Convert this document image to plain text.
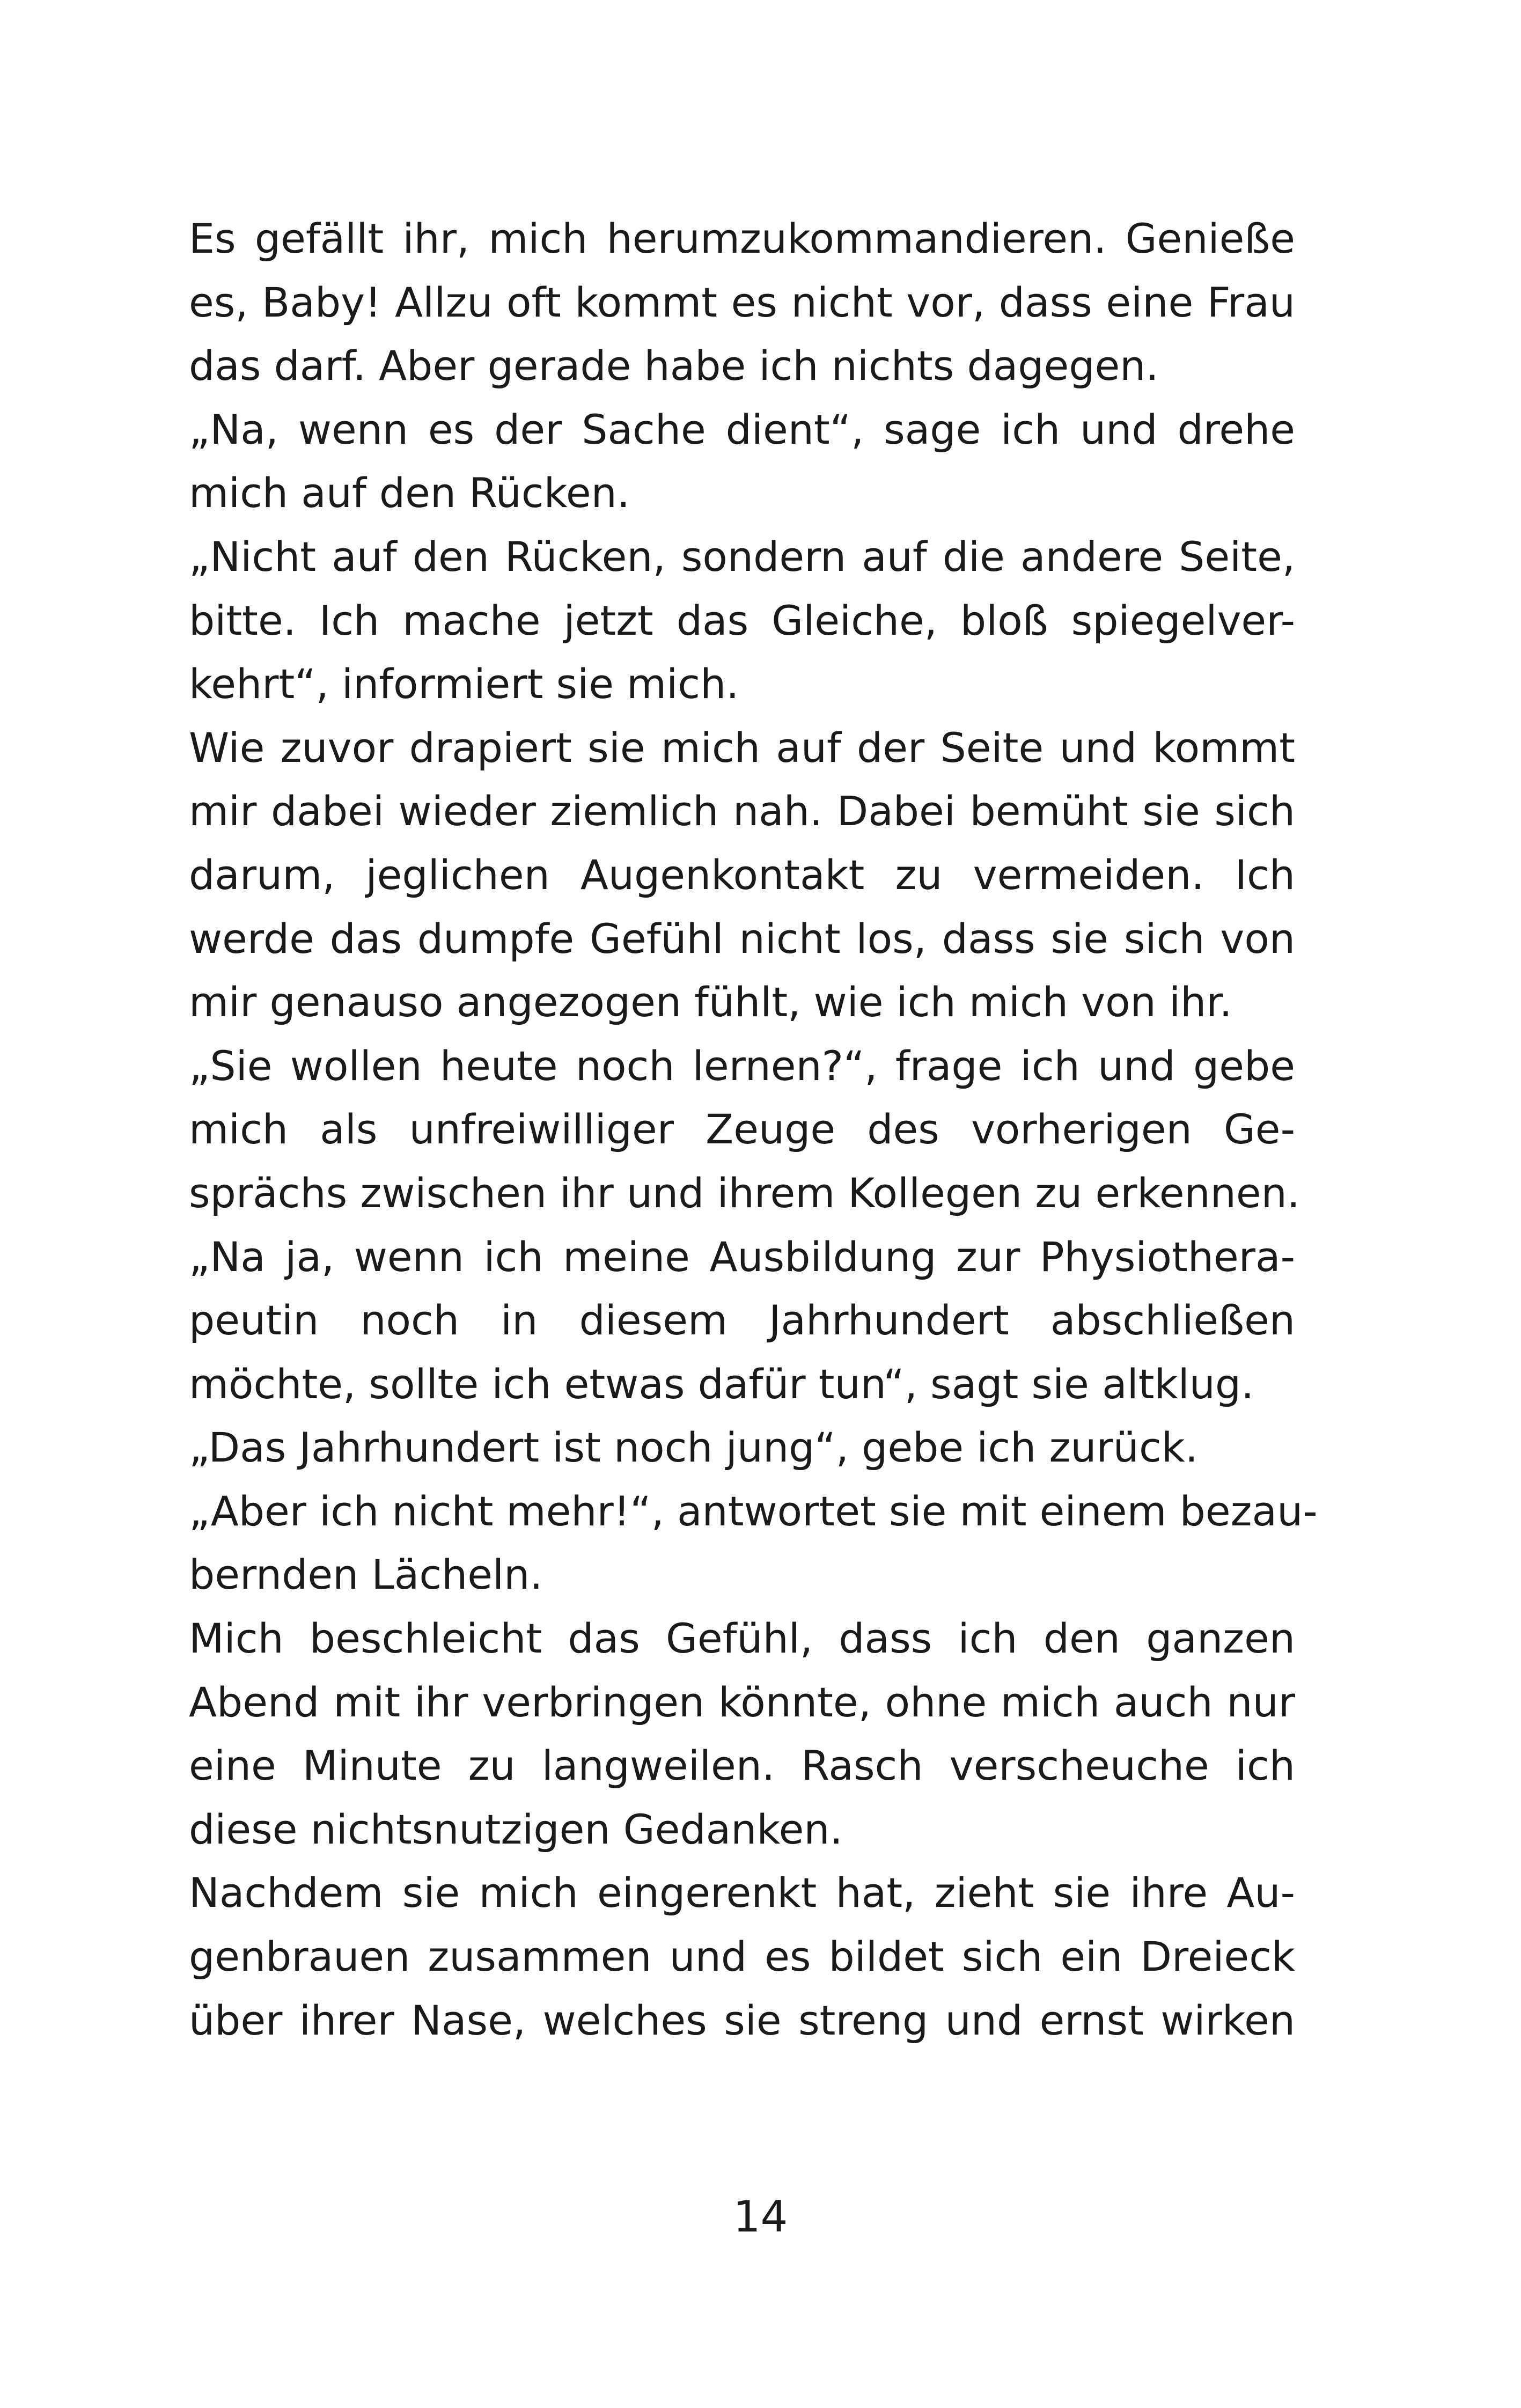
Es gefällt ihr, mich herumzukommandieren. Genieße
es, Baby! Allzu oft kommt es nicht vor, dass eine Frau
das darf. Aber gerade habe ich nichts dagegen.
„Na, wenn es der Sache dient“, sage ich und drehe
mich auf den Rücken.
„Nicht auf den Rücken, sondern auf die andere Seite,
bitte. Ich mache jetzt das Gleiche, bloß spiegelver-
kehrt“, informiert sie mich.
Wie zuvor drapiert sie mich auf der Seite und kommt
mir dabei wieder ziemlich nah. Dabei bemüht sie sich
darum, jeglichen Augenkontakt zu vermeiden. Ich
werde das dumpfe Gefühl nicht los, dass sie sich von
mir genauso angezogen fühlt, wie ich mich von ihr.
„Sie wollen heute noch lernen?“, frage ich und gebe
mich als unfreiwilliger Zeuge des vorherigen Ge-
sprächs zwischen ihr und ihrem Kollegen zu erkennen.
„Na ja, wenn ich meine Ausbildung zur Physiothera-
peutin noch in diesem Jahrhundert abschließen
möchte, sollte ich etwas dafür tun“, sagt sie altklug.
„Das Jahrhundert ist noch jung“, gebe ich zurück.
„Aber ich nicht mehr!“, antwortet sie mit einem bezau-
bernden Lächeln.
Mich beschleicht das Gefühl, dass ich den ganzen
Abend mit ihr verbringen könnte, ohne mich auch nur
eine Minute zu langweilen. Rasch verscheuche ich
diese nichtsnutzigen Gedanken.
Nachdem sie mich eingerenkt hat, zieht sie ihre Au-
genbrauen zusammen und es bildet sich ein Dreieck
über ihrer Nase, welches sie streng und ernst wirken
14
